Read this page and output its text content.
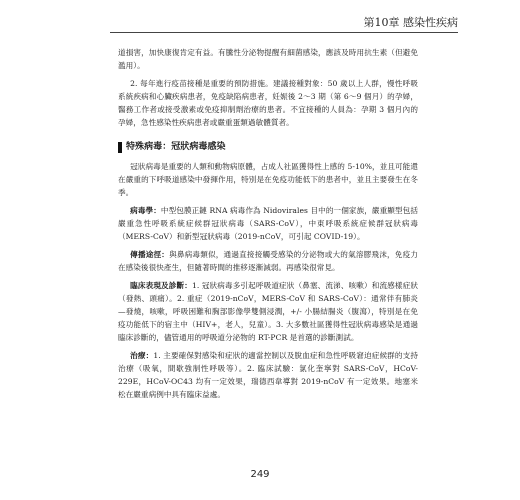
第10章 感染性疾病

道損害，加快康復肯定有益。有騰性分泌物提醒有細菌感染，應該及時用抗生素（但避免濫用）。

2. 每年進行疫苗接種是重要的預防措施。建議接種對象：50 歲以上人群，慢性呼吸系統疾病和心臟疾病患者，免疫缺陷病患者，妊娠後 2～3 期（第 6～9 個月）的孕婦，醫務工作者或接受激素或免疫抑制劑治療的患者。不宜接種的人員為：孕期 3 個月內的孕婦，急性感染性疾病患者或嚴重蛋類過敏體質者。

特殊病毒：冠狀病毒感染

冠狀病毒是重要的人類和動物病原體，占成人社區獲得性上感的 5-10%，並且可能還在嚴重的下呼吸道感染中發揮作用，特別是在免疫功能低下的患者中，並且主要發生在冬季。

病毒學：中型包膜正鏈 RNA 病毒作為 Nidovirales 目中的一個家族，嚴重顯型包括嚴重急性呼吸系統症候群冠狀病毒（SARS-CoV），中東呼吸系統症候群冠狀病毒（MERS-CoV）和新型冠狀病毒（2019-nCoV，可引起 COVID-19）。

傳播途徑：與鼻病毒類似，通過直接接觸受感染的分泌物或大的氣溶膠飛沫，免疫力在感染後很快產生，但隨著時間的推移逐漸減弱。再感染很常見。

臨床表現及診斷：1. 冠狀病毒多引起呼吸道症狀（鼻塞、流涕、咳嗽）和流感樣症狀（發熱、頭痛）。2. 重症（2019-nCoV，MERS-CoV 和 SARS-CoV）：通常伴有肺炎—發燒，咳嗽，呼吸困難和胸部影像學雙側浸潤，+/- 小腸結腸炎（腹瀉），特別是在免疫功能低下的宿主中（HIV+，老人，兒童）。3. 大多數社區獲得性冠狀病毒感染是通過臨床診斷的，儘管通用的呼吸道分泌物的 RT-PCR 是首選的診斷測試。

治療：1. 主要確保對感染和症狀的適當控制以及脫血症和急性呼吸窘迫症候群的支持治療（吸氧，間歇強制性呼吸等）。2. 臨床試驗：氯化奎寧對 SARS-CoV，HCoV-229E，HCoV-OC43 均有一定效果，瑞德西韋導對 2019-nCoV 有一定效果。地塞米松在嚴重病例中具有臨床益處。

249
